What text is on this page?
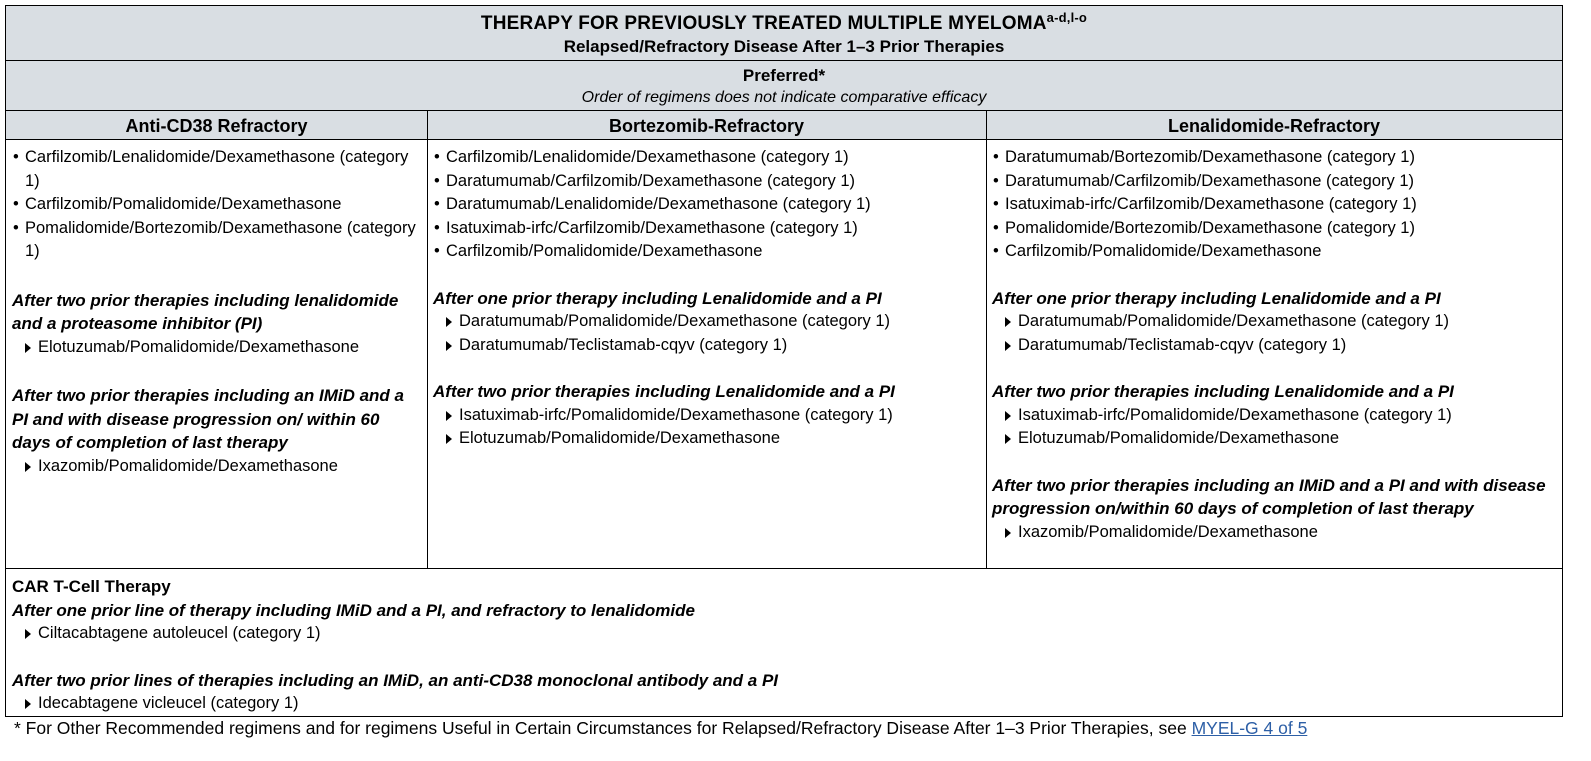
THERAPY FOR PREVIOUSLY TREATED MULTIPLE MYELOMA$^{a-d,l-o}$
Relapsed/Refractory Disease After 1–3 Prior Therapies
Preferred*
Order of regimens does not indicate comparative efficacy
Anti-CD38 Refractory	Bortezomib-Refractory	Lenalidomide-Refractory
• Carfilzomib/Lenalidomide/Dexamethasone (category 1)
• Carfilzomib/Pomalidomide/Dexamethasone
• Pomalidomide/Bortezomib/Dexamethasone (category 1)
After two prior therapies including lenalidomide and a proteasome inhibitor (PI)
Elotuzumab/Pomalidomide/Dexamethasone
After two prior therapies including an IMiD and a PI and with disease progression on/ within 60 days of completion of last therapy
Ixazomib/Pomalidomide/Dexamethasone
• Carfilzomib/Lenalidomide/Dexamethasone (category 1)
• Daratumumab/Carfilzomib/Dexamethasone (category 1)
• Daratumumab/Lenalidomide/Dexamethasone (category 1)
• Isatuximab-irfc/Carfilzomib/Dexamethasone (category 1)
• Carfilzomib/Pomalidomide/Dexamethasone
After one prior therapy including Lenalidomide and a PI
Daratumumab/Pomalidomide/Dexamethasone (category 1)
Daratumumab/Teclistamab-cqyv (category 1)
After two prior therapies including Lenalidomide and a PI
Isatuximab-irfc/Pomalidomide/Dexamethasone (category 1)
Elotuzumab/Pomalidomide/Dexamethasone
• Daratumumab/Bortezomib/Dexamethasone (category 1)
• Daratumumab/Carfilzomib/Dexamethasone (category 1)
• Isatuximab-irfc/Carfilzomib/Dexamethasone (category 1)
• Pomalidomide/Bortezomib/Dexamethasone (category 1)
• Carfilzomib/Pomalidomide/Dexamethasone
After one prior therapy including Lenalidomide and a PI
Daratumumab/Pomalidomide/Dexamethasone (category 1)
Daratumumab/Teclistamab-cqyv (category 1)
After two prior therapies including Lenalidomide and a PI
Isatuximab-irfc/Pomalidomide/Dexamethasone (category 1)
Elotuzumab/Pomalidomide/Dexamethasone
After two prior therapies including an IMiD and a PI and with disease progression on/within 60 days of completion of last therapy
Ixazomib/Pomalidomide/Dexamethasone
CAR T-Cell Therapy
After one prior line of therapy including IMiD and a PI, and refractory to lenalidomide
Ciltacabtagene autoleucel (category 1)
After two prior lines of therapies including an IMiD, an anti-CD38 monoclonal antibody and a PI
Idecabtagene vicleucel (category 1)
* For Other Recommended regimens and for regimens Useful in Certain Circumstances for Relapsed/Refractory Disease After 1–3 Prior Therapies, see MYEL-G 4 of 5
